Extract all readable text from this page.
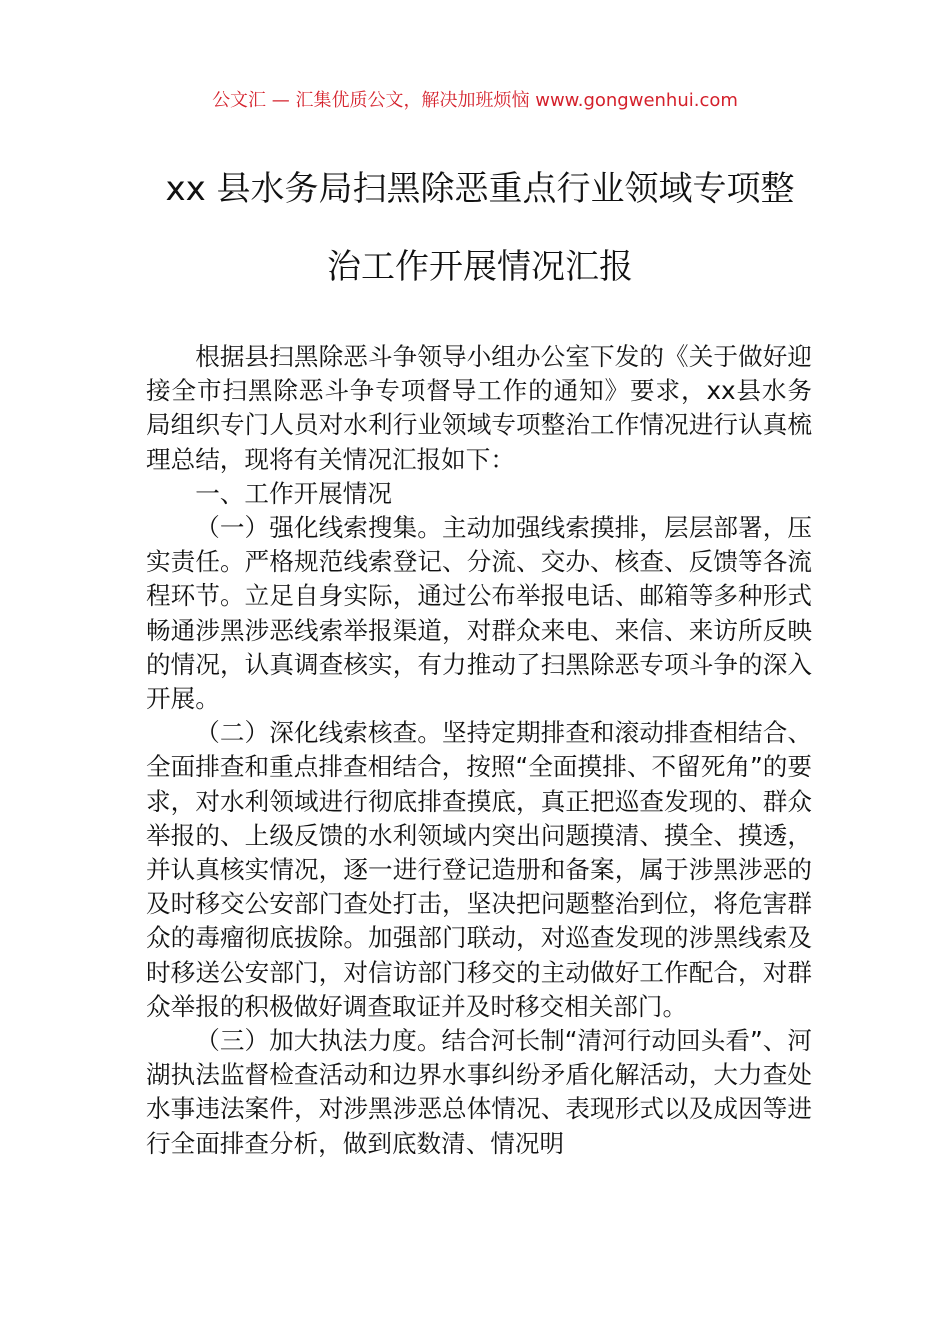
公文汇 — 汇集优质公文，解决加班烦恼 www.gongwenhui.com
xx 县水务局扫黑除恶重点行业领域专项整
治工作开展情况汇报

根据县扫黑除恶斗争领导小组办公室下发的《关于做好迎接全市扫黑除恶斗争专项督导工作的通知》要求，xx县水务局组织专门人员对水利行业领域专项整治工作情况进行认真梳理总结，现将有关情况汇报如下：

一、工作开展情况

（一）强化线索搜集。主动加强线索摸排，层层部署，压实责任。严格规范线索登记、分流、交办、核查、反馈等各流程环节。立足自身实际，通过公布举报电话、邮箱等多种形式畅通涉黑涉恶线索举报渠道，对群众来电、来信、来访所反映的情况，认真调查核实，有力推动了扫黑除恶专项斗争的深入开展。

（二）深化线索核查。坚持定期排查和滚动排查相结合、全面排查和重点排查相结合，按照“全面摸排、不留死角”的要求，对水利领域进行彻底排查摸底，真正把巡查发现的、群众举报的、上级反馈的水利领域内突出问题摸清、摸全、摸透，并认真核实情况，逐一进行登记造册和备案，属于涉黑涉恶的及时移交公安部门查处打击，坚决把问题整治到位，将危害群众的毒瘤彻底拔除。加强部门联动，对巡查发现的涉黑线索及时移送公安部门，对信访部门移交的主动做好工作配合，对群众举报的积极做好调查取证并及时移交相关部门。

（三）加大执法力度。结合河长制“清河行动回头看”、河湖执法监督检查活动和边界水事纠纷矛盾化解活动，大力查处水事违法案件，对涉黑涉恶总体情况、表现形式以及成因等进行全面排查分析，做到底数清、情况明
